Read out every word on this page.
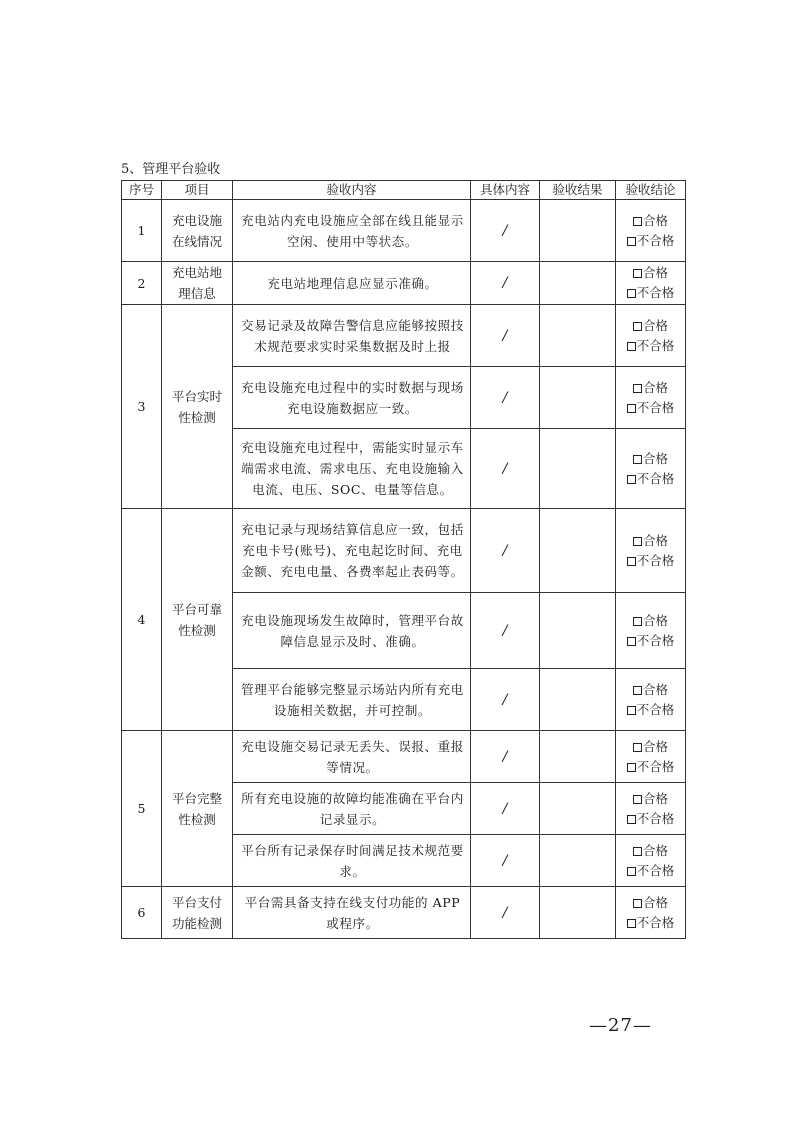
5、管理平台验收
序号	项目	验收内容	具体内容	验收结果	验收结论
1	充电设施在线情况	充电站内充电设施应全部在线且能显示空闲、使用中等状态。	/		合格
不合格

2	充电站地理信息	充电站地理信息应显示准确。	/		合格
不合格

3	平台实时性检测	交易记录及故障告警信息应能够按照技术规范要求实时采集数据及时上报	/		合格
不合格

		充电设施充电过程中的实时数据与现场充电设施数据应一致。	/		合格
不合格

		充电设施充电过程中，需能实时显示车端需求电流、需求电压、充电设施输入电流、电压、SOC、电量等信息。	/		合格
不合格

4	平台可靠性检测	充电记录与现场结算信息应一致，包括充电卡号(账号)、充电起讫时间、充电金额、充电电量、各费率起止表码等。	/		合格
不合格

		充电设施现场发生故障时，管理平台故障信息显示及时、准确。	/		合格
不合格

		管理平台能够完整显示场站内所有充电设施相关数据，并可控制。	/		合格
不合格

5	平台完整性检测	充电设施交易记录无丢失、误报、重报等情况。	/		合格
不合格

		所有充电设施的故障均能准确在平台内记录显示。	/		合格
不合格

		平台所有记录保存时间满足技术规范要求。	/		合格
不合格

6	平台支付功能检测	平台需具备支持在线支付功能的 APP 或程序。	/		合格
不合格
—27—
